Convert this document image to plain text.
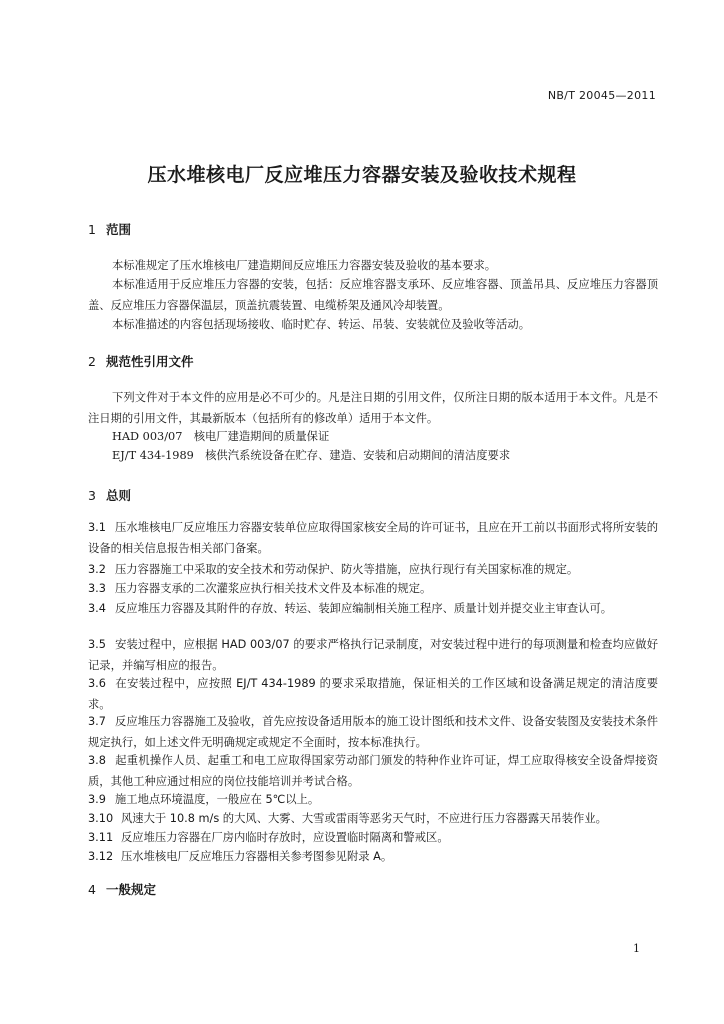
NB/T 20045—2011
压水堆核电厂反应堆压力容器安装及验收技术规程
1 范围
本标准规定了压水堆核电厂建造期间反应堆压力容器安装及验收的基本要求。
本标准适用于反应堆压力容器的安装，包括：反应堆容器支承环、反应堆容器、顶盖吊具、反应堆压力容器顶盖、反应堆压力容器保温层，顶盖抗震装置、电缆桥架及通风冷却装置。
本标准描述的内容包括现场接收、临时贮存、转运、吊装、安装就位及验收等活动。
2 规范性引用文件
下列文件对于本文件的应用是必不可少的。凡是注日期的引用文件，仅所注日期的版本适用于本文件。凡是不注日期的引用文件，其最新版本（包括所有的修改单）适用于本文件。
HAD 003/07　核电厂建造期间的质量保证
EJ/T 434-1989　核供汽系统设备在贮存、建造、安装和启动期间的清洁度要求
3 总则
3.1 压水堆核电厂反应堆压力容器安装单位应取得国家核安全局的许可证书，且应在开工前以书面形式将所安装的设备的相关信息报告相关部门备案。
3.2 压力容器施工中采取的安全技术和劳动保护、防火等措施，应执行现行有关国家标准的规定。
3.3 压力容器支承的二次灌浆应执行相关技术文件及本标准的规定。
3.4 反应堆压力容器及其附件的存放、转运、装卸应编制相关施工程序、质量计划并提交业主审查认可。
3.5 安装过程中，应根据 HAD 003/07 的要求严格执行记录制度，对安装过程中进行的每项测量和检查均应做好记录，并编写相应的报告。
3.6 在安装过程中，应按照 EJ/T 434-1989 的要求采取措施，保证相关的工作区域和设备满足规定的清洁度要求。
3.7 反应堆压力容器施工及验收，首先应按设备适用版本的施工设计图纸和技术文件、设备安装图及安装技术条件规定执行，如上述文件无明确规定或规定不全面时，按本标准执行。
3.8 起重机操作人员、起重工和电工应取得国家劳动部门颁发的特种作业许可证，焊工应取得核安全设备焊接资质，其他工种应通过相应的岗位技能培训并考试合格。
3.9 施工地点环境温度，一般应在 5℃以上。
3.10 风速大于 10.8 m/s 的大风、大雾、大雪或雷雨等恶劣天气时，不应进行压力容器露天吊装作业。
3.11 反应堆压力容器在厂房内临时存放时，应设置临时隔离和警戒区。
3.12 压水堆核电厂反应堆压力容器相关参考图参见附录 A。
4 一般规定
1
